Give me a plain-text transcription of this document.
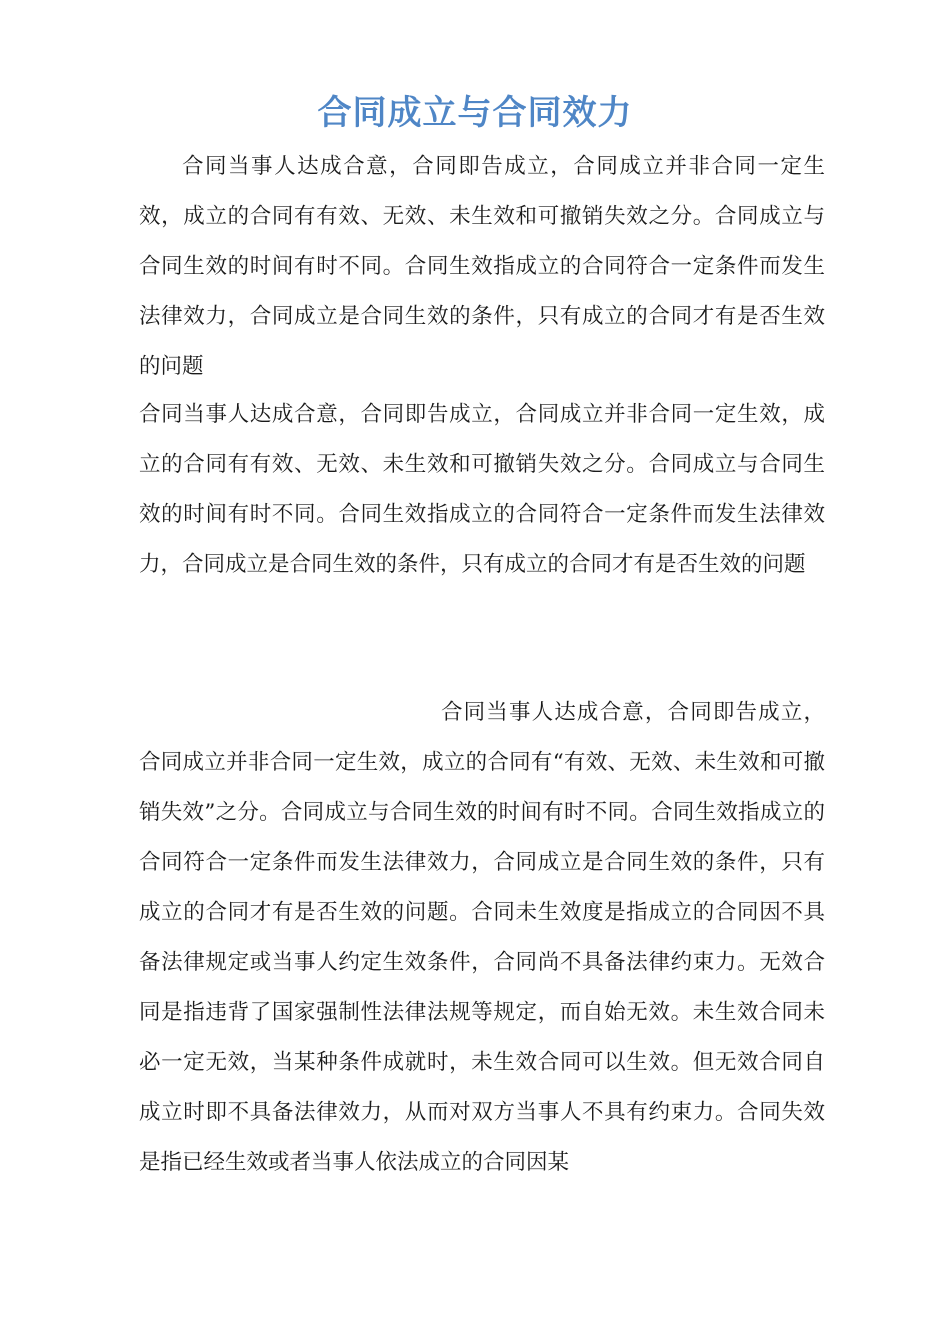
合同成立与合同效力

合同当事人达成合意，合同即告成立，合同成立并非合同一定生效，成立的合同有有效、无效、未生效和可撤销失效之分。合同成立与合同生效的时间有时不同。合同生效指成立的合同符合一定条件而发生法律效力，合同成立是合同生效的条件，只有成立的合同才有是否生效的问题

合同当事人达成合意，合同即告成立，合同成立并非合同一定生效，成立的合同有有效、无效、未生效和可撤销失效之分。合同成立与合同生效的时间有时不同。合同生效指成立的合同符合一定条件而发生法律效力，合同成立是合同生效的条件，只有成立的合同才有是否生效的问题

合同当事人达成合意，合同即告成立，合同成立并非合同一定生效，成立的合同有“有效、无效、未生效和可撤销失效”之分。合同成立与合同生效的时间有时不同。合同生效指成立的合同符合一定条件而发生法律效力，合同成立是合同生效的条件，只有成立的合同才有是否生效的问题。合同未生效度是指成立的合同因不具备法律规定或当事人约定生效条件，合同尚不具备法律约束力。无效合同是指违背了国家强制性法律法规等规定，而自始无效。未生效合同未必一定无效，当某种条件成就时，未生效合同可以生效。但无效合同自成立时即不具备法律效力，从而对双方当事人不具有约束力。合同失效是指已经生效或者当事人依法成立的合同因某
